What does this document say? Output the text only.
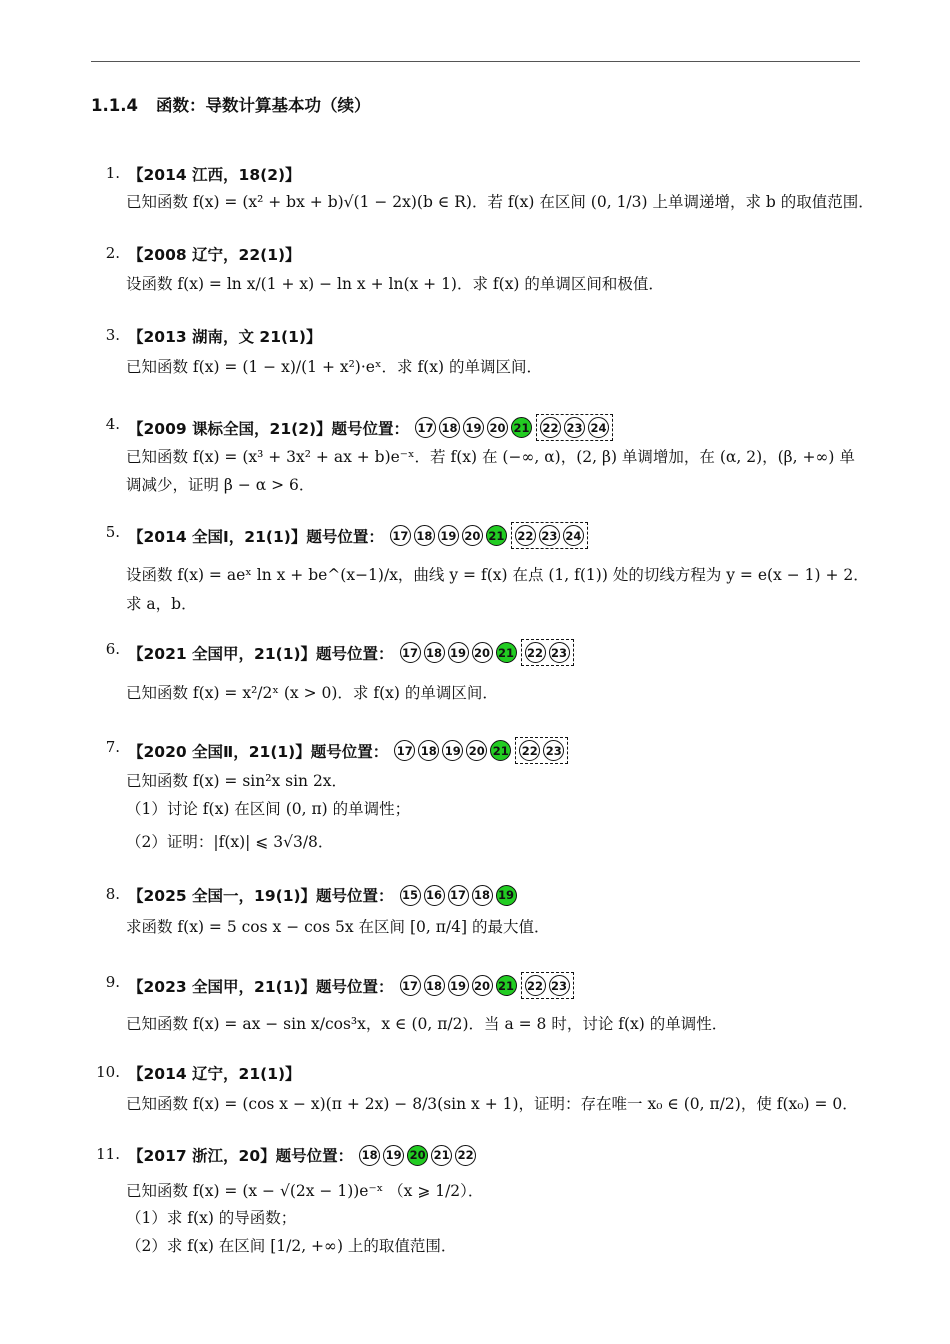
1.1.4 函数：导数计算基本功（续）
1. 【2014 江西，18(2)】
已知函数 f(x) = (x² + bx + b)√(1 − 2x)(b ∈ R)．若 f(x) 在区间 (0, 1/3) 上单调递增，求 b 的取值范围．
2. 【2008 辽宁，22(1)】
设函数 f(x) = ln x/(1 + x) − ln x + ln(x + 1)．求 f(x) 的单调区间和极值．
3. 【2013 湖南，文 21(1)】
已知函数 f(x) = (1 − x)/(1 + x²)·eˣ．求 f(x) 的单调区间．
4. 【2009 课标全国，21(2)】题号位置： 17 18 19 20 21 22 23 24
已知函数 f(x) = (x³ + 3x² + ax + b)e⁻ˣ．若 f(x) 在 (−∞, α)，(2, β) 单调增加，在 (α, 2)，(β, +∞) 单
调减少，证明 β − α > 6．
5. 【2014 全国Ⅰ，21(1)】题号位置： 17 18 19 20 21 22 23 24
设函数 f(x) = aeˣ ln x + be^(x−1)/x，曲线 y = f(x) 在点 (1, f(1)) 处的切线方程为 y = e(x − 1) + 2．
求 a，b．
6. 【2021 全国甲，21(1)】题号位置： 17 18 19 20 21 22 23
已知函数 f(x) = x²/2ˣ (x > 0)．求 f(x) 的单调区间．
7. 【2020 全国Ⅱ，21(1)】题号位置： 17 18 19 20 21 22 23
已知函数 f(x) = sin²x sin 2x．
（1）讨论 f(x) 在区间 (0, π) 的单调性；
（2）证明：|f(x)| ⩽ 3√3/8．
8. 【2025 全国一，19(1)】题号位置： 15 16 17 18 19
求函数 f(x) = 5 cos x − cos 5x 在区间 [0, π/4] 的最大值．
9. 【2023 全国甲，21(1)】题号位置： 17 18 19 20 21 22 23
已知函数 f(x) = ax − sin x/cos³x，x ∈ (0, π/2)．当 a = 8 时，讨论 f(x) 的单调性．
10. 【2014 辽宁，21(1)】
已知函数 f(x) = (cos x − x)(π + 2x) − 8/3(sin x + 1)，证明：存在唯一 x₀ ∈ (0, π/2)，使 f(x₀) = 0．
11. 【2017 浙江，20】题号位置： 18 19 20 21 22
已知函数 f(x) = (x − √(2x − 1))e⁻ˣ （x ⩾ 1/2）．
（1）求 f(x) 的导函数；
（2）求 f(x) 在区间 [1/2, +∞) 上的取值范围．
